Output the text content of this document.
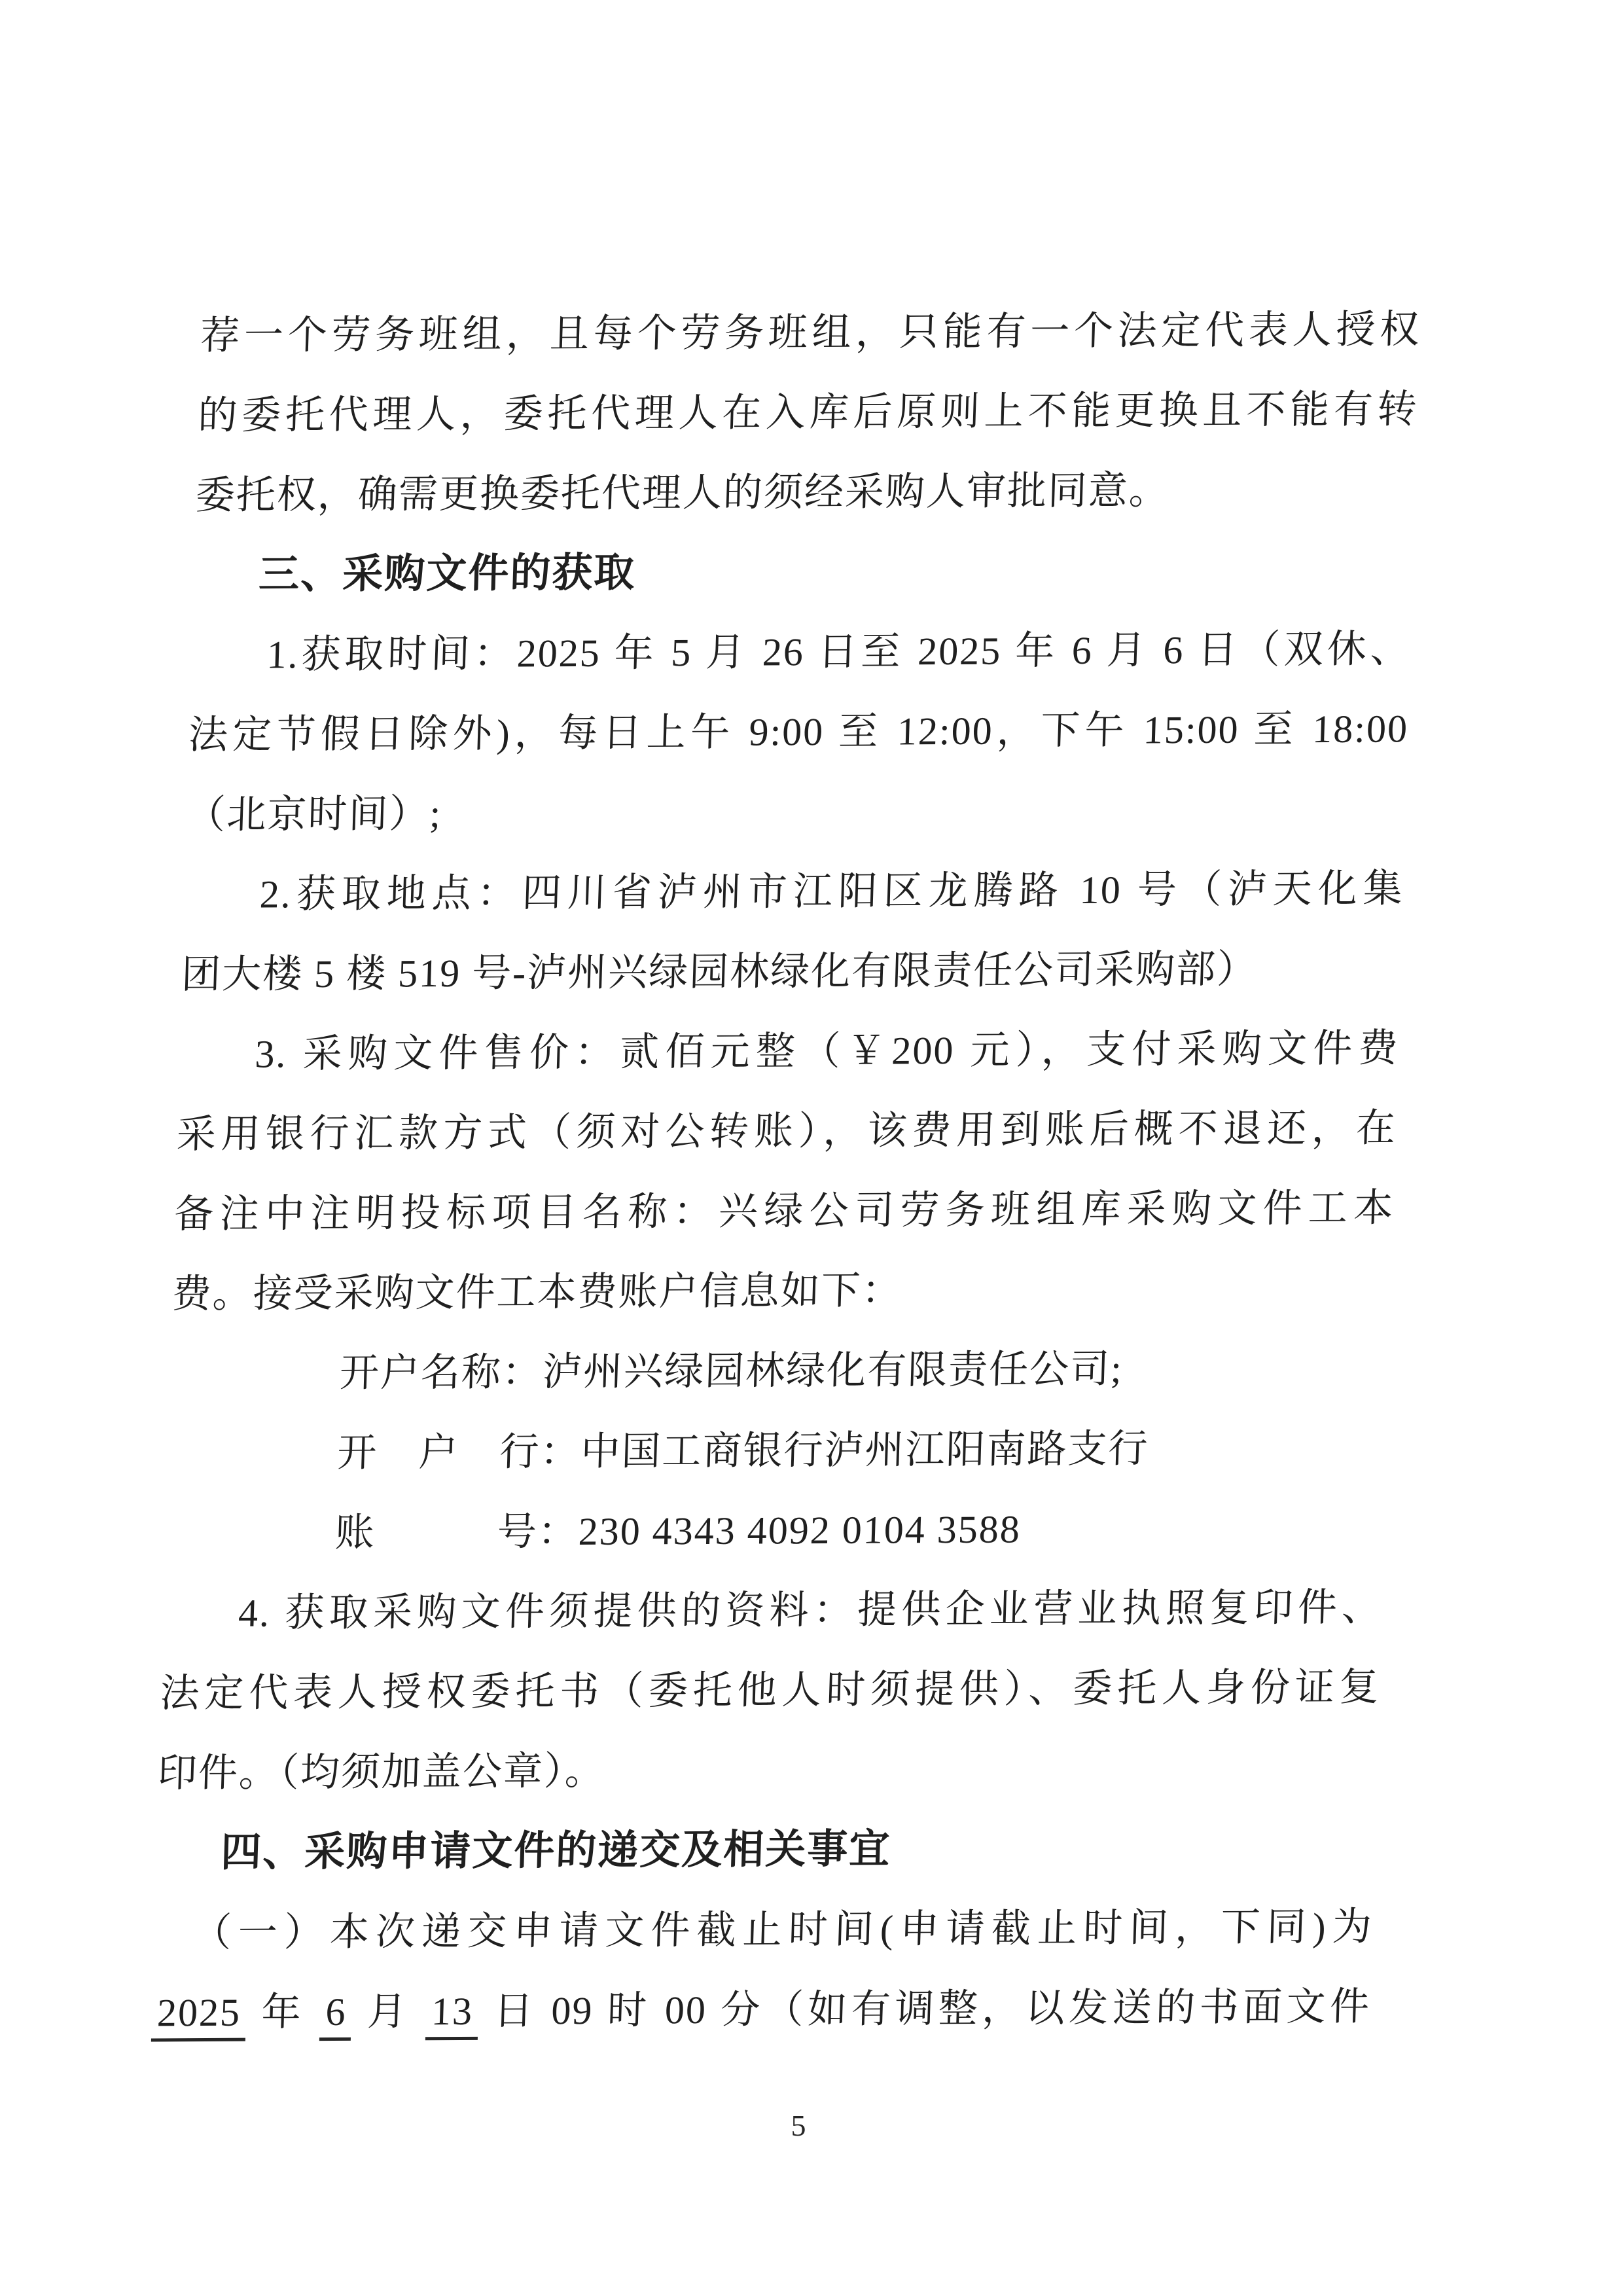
荐一个劳务班组，且每个劳务班组，只能有一个法定代表人授权
的委托代理人，委托代理人在入库后原则上不能更换且不能有转
委托权，确需更换委托代理人的须经采购人审批同意。
三、采购文件的获取
1.获取时间：2025 年 5 月 26 日至 2025 年 6 月 6 日（双休、
法定节假日除外)，每日上午 9:00 至 12:00，下午 15:00 至 18:00
（北京时间）;
2.获取地点：四川省泸州市江阳区龙腾路 10 号（泸天化集
团大楼 5 楼 519 号-泸州兴绿园林绿化有限责任公司采购部）
3. 采购文件售价：贰佰元整（￥200 元），支付采购文件费
采用银行汇款方式（须对公转账），该费用到账后概不退还，在
备注中注明投标项目名称：兴绿公司劳务班组库采购文件工本
费。接受采购文件工本费账户信息如下：
开户名称：泸州兴绿园林绿化有限责任公司;
开　户　行：中国工商银行泸州江阳南路支行
账　　　号：230 4343 4092 0104 3588
4. 获取采购文件须提供的资料：提供企业营业执照复印件、
法定代表人授权委托书（委托他人时须提供）、委托人身份证复
印件。（均须加盖公章）。
四、采购申请文件的递交及相关事宜
（一）本次递交申请文件截止时间(申请截止时间，下同)为
2025 年 6 月 13 日 09 时 00 分（如有调整，以发送的书面文件
5
